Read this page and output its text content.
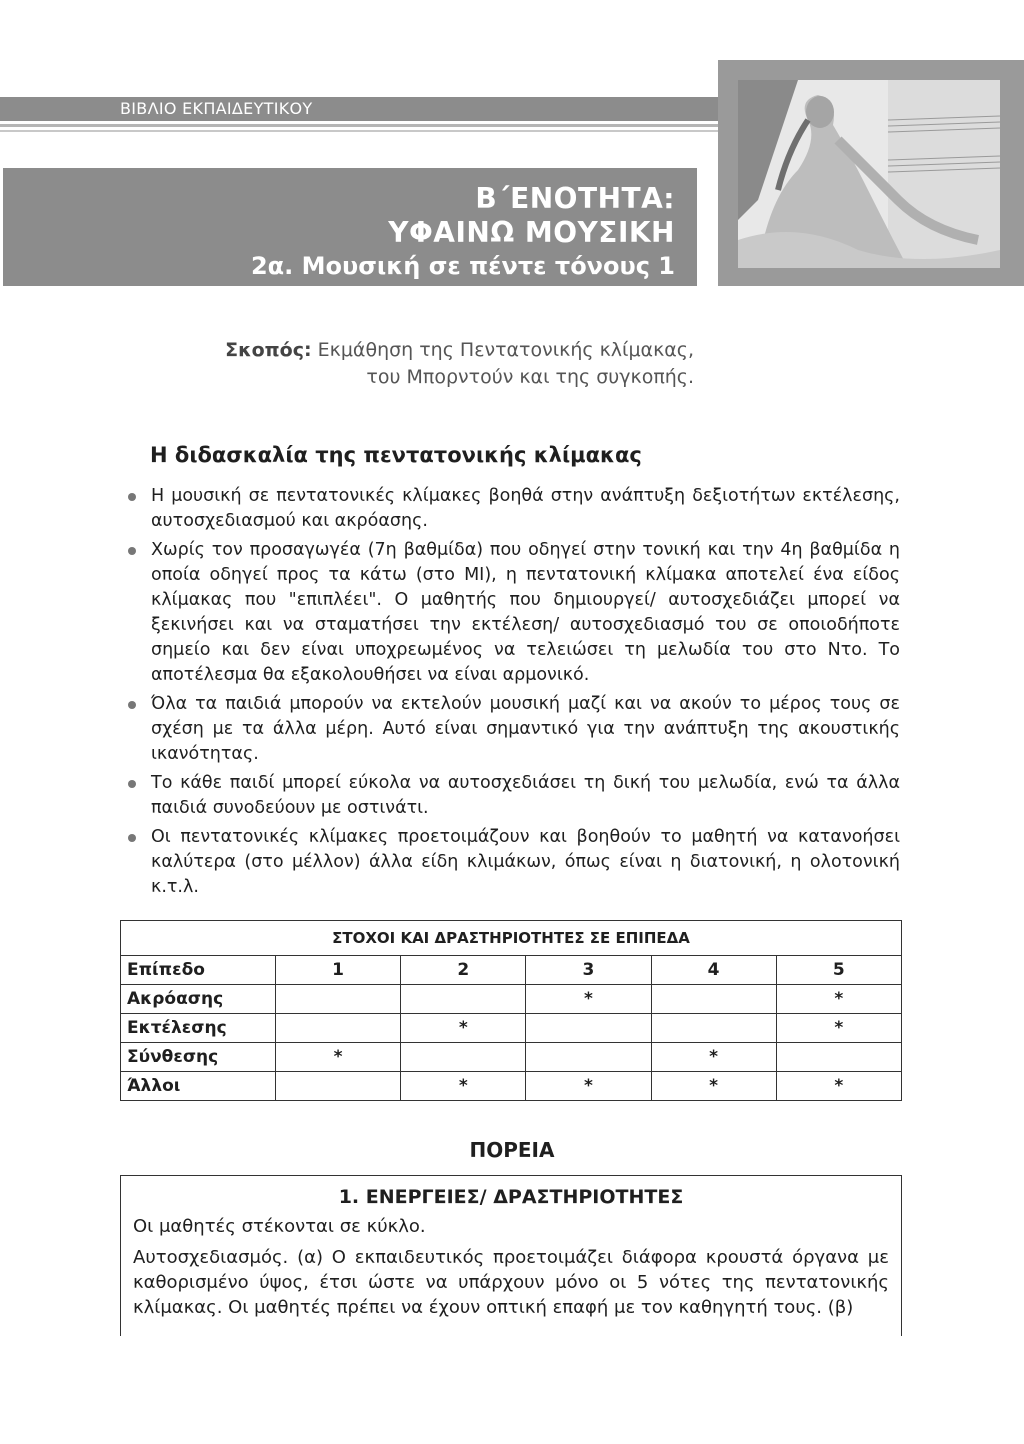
ΒΙΒΛΙΟ ΕΚΠΑΙΔΕΥΤΙΚΟΥ
Β΄ΕΝΟΤΗΤΑ:
ΥΦΑΙΝΩ ΜΟΥΣΙΚΗ
2α. Μουσική σε πέντε τόνους 1
Σκοπός: Εκμάθηση της Πεντατονικής κλίμακας,
του Μπορντούν και της συγκοπής.
Η διδασκαλία της πεντατονικής κλίμακας
Η μουσική σε πεντατονικές κλίμακες βοηθά στην ανάπτυξη δεξιοτήτων εκτέλεσης, αυτοσχεδιασμού και ακρόασης.
Χωρίς τον προσαγωγέα (7η βαθμίδα) που οδηγεί στην τονική και την 4η βαθμίδα η οποία οδηγεί προς τα κάτω (στο ΜΙ), η πεντατονική κλίμακα αποτελεί ένα είδος κλίμακας που "επιπλέει". Ο μαθητής που δημιουργεί/ αυτοσχεδιάζει μπορεί να ξεκινήσει και να σταματήσει την εκτέλεση/ αυτοσχεδιασμό του σε οποιοδήποτε σημείο και δεν είναι υποχρεωμένος να τελειώσει τη μελωδία του στο Ντο. Το αποτέλεσμα θα εξακολουθήσει να είναι αρμονικό.
Όλα τα παιδιά μπορούν να εκτελούν μουσική μαζί και να ακούν το μέρος τους σε σχέση με τα άλλα μέρη. Αυτό είναι σημαντικό για την ανάπτυξη της ακουστικής ικανότητας.
Το κάθε παιδί μπορεί εύκολα να αυτοσχεδιάσει τη δική του μελωδία, ενώ τα άλλα παιδιά συνοδεύουν με οστινάτι.
Οι πεντατονικές κλίμακες προετοιμάζουν και βοηθούν το μαθητή να κατανοήσει καλύτερα (στο μέλλον) άλλα είδη κλιμάκων, όπως είναι η διατονική, η ολοτονική κ.τ.λ.
ΣΤΟΧΟΙ ΚΑΙ ΔΡΑΣΤΗΡΙΟΤΗΤΕΣ ΣΕ ΕΠΙΠΕΔΑ					
Επίπεδο	1	2	3	4	5
Ακρόασης			*		*
Εκτέλεσης		*			*
Σύνθεσης	*			*	
Άλλοι		*	*	*	*
ΠΟΡΕΙΑ
1. ΕΝΕΡΓΕΙΕΣ/ ΔΡΑΣΤΗΡΙΟΤΗΤΕΣ

Οι μαθητές στέκονται σε κύκλο.

Αυτοσχεδιασμός. (α) Ο εκπαιδευτικός προετοιμάζει διάφορα κρουστά όργανα με καθορισμένο ύψος, έτσι ώστε να υπάρχουν μόνο οι 5 νότες της πεντατονικής κλίμακας. Οι μαθητές πρέπει να έχουν οπτική επαφή με τον καθηγητή τους. (β)
